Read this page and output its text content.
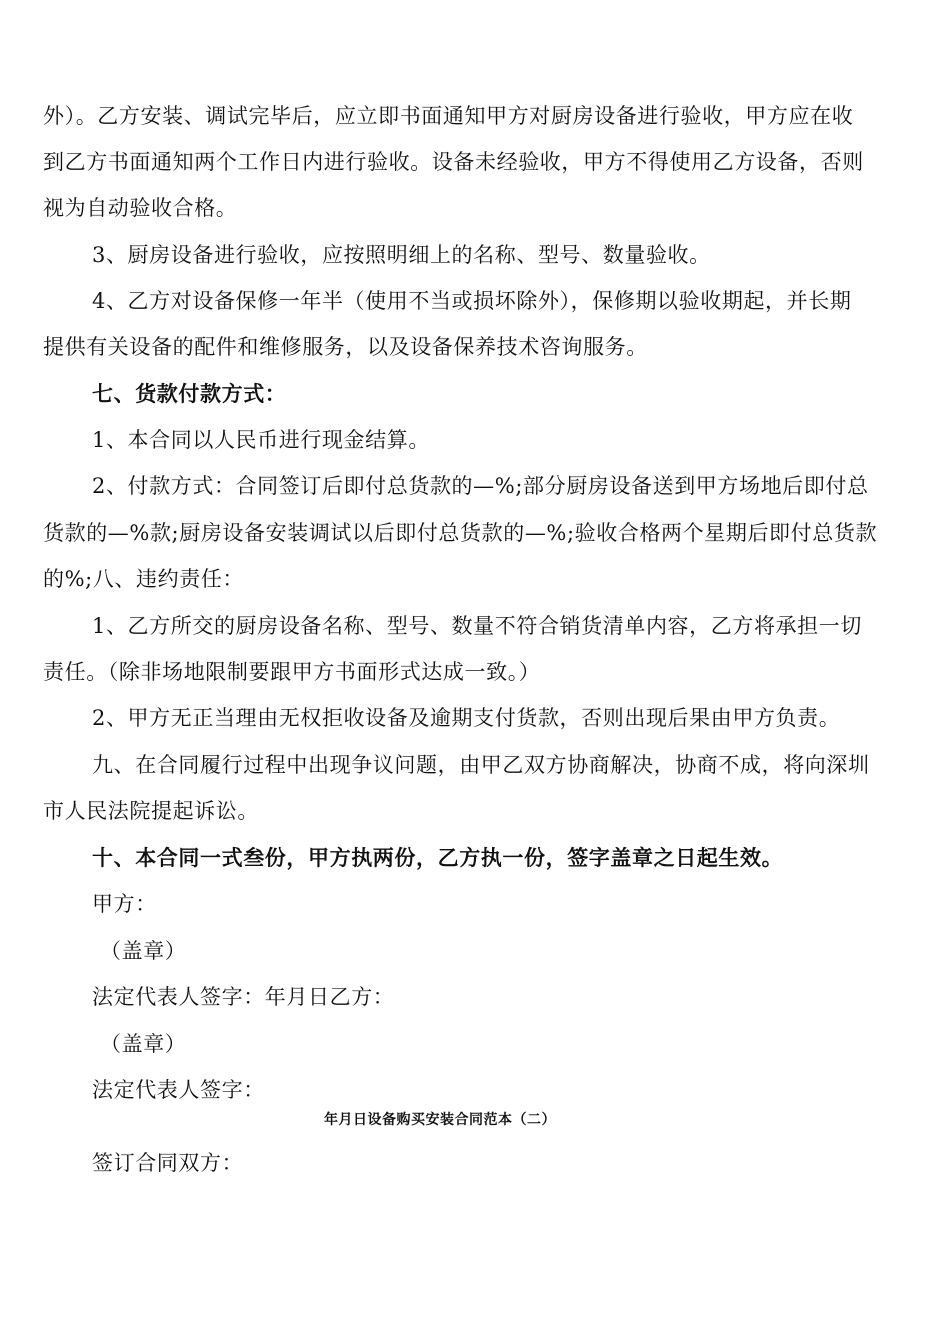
外）。乙方安装、调试完毕后，应立即书面通知甲方对厨房设备进行验收，甲方应在收
到乙方书面通知两个工作日内进行验收。设备未经验收，甲方不得使用乙方设备，否则
视为自动验收合格。
3、厨房设备进行验收，应按照明细上的名称、型号、数量验收。
4、乙方对设备保修一年半（使用不当或损坏除外），保修期以验收期起，并长期
提供有关设备的配件和维修服务，以及设备保养技术咨询服务。
七、货款付款方式：
1、本合同以人民币进行现金结算。
2、付款方式：合同签订后即付总货款的—%;部分厨房设备送到甲方场地后即付总
货款的—%款;厨房设备安装调试以后即付总货款的—%;验收合格两个星期后即付总货款
的%;八、违约责任：
1、乙方所交的厨房设备名称、型号、数量不符合销货清单内容，乙方将承担一切
责任。（除非场地限制要跟甲方书面形式达成一致。）
2、甲方无正当理由无权拒收设备及逾期支付货款，否则出现后果由甲方负责。
九、在合同履行过程中出现争议问题，由甲乙双方协商解决，协商不成，将向深圳
市人民法院提起诉讼。
十、本合同一式叁份，甲方执两份，乙方执一份，签字盖章之日起生效。
甲方：
（盖章）
法定代表人签字：年月日乙方：
（盖章）
法定代表人签字：
年月日设备购买安装合同范本（二）
签订合同双方：
